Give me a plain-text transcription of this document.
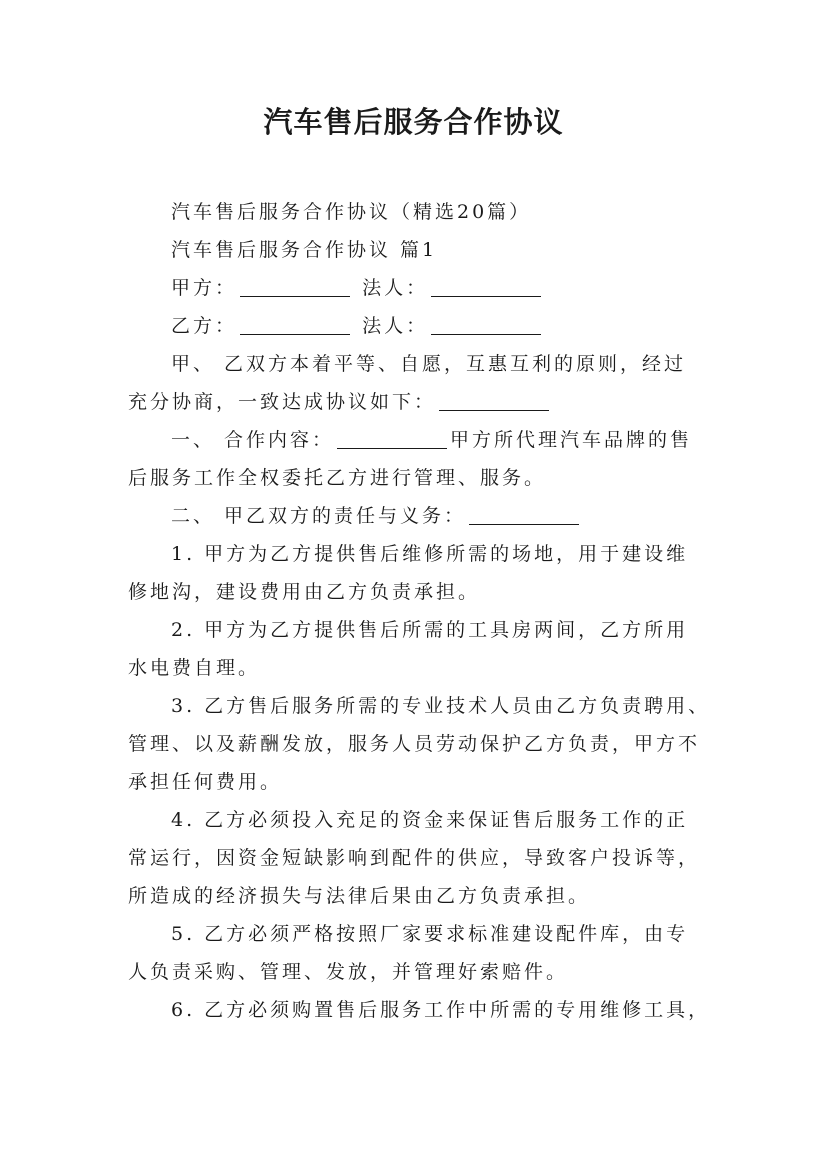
汽车售后服务合作协议
汽车售后服务合作协议（精选20篇）
汽车售后服务合作协议 篇1
甲方：	法人：
乙方：	法人：
甲、 乙双方本着平等、自愿，互惠互利的原则，经过
充分协商，一致达成协议如下：
一、 合作内容：	甲方所代理汽车品牌的售
后服务工作全权委托乙方进行管理、服务。
二、 甲乙双方的责任与义务：
1. 甲方为乙方提供售后维修所需的场地，用于建设维
修地沟，建设费用由乙方负责承担。
2. 甲方为乙方提供售后所需的工具房两间，乙方所用
水电费自理。
3. 乙方售后服务所需的专业技术人员由乙方负责聘用、
管理、以及薪酬发放，服务人员劳动保护乙方负责，甲方不
承担任何费用。
4. 乙方必须投入充足的资金来保证售后服务工作的正
常运行，因资金短缺影响到配件的供应，导致客户投诉等，
所造成的经济损失与法律后果由乙方负责承担。
5. 乙方必须严格按照厂家要求标准建设配件库，由专
人负责采购、管理、发放，并管理好索赔件。
6. 乙方必须购置售后服务工作中所需的专用维修工具，
